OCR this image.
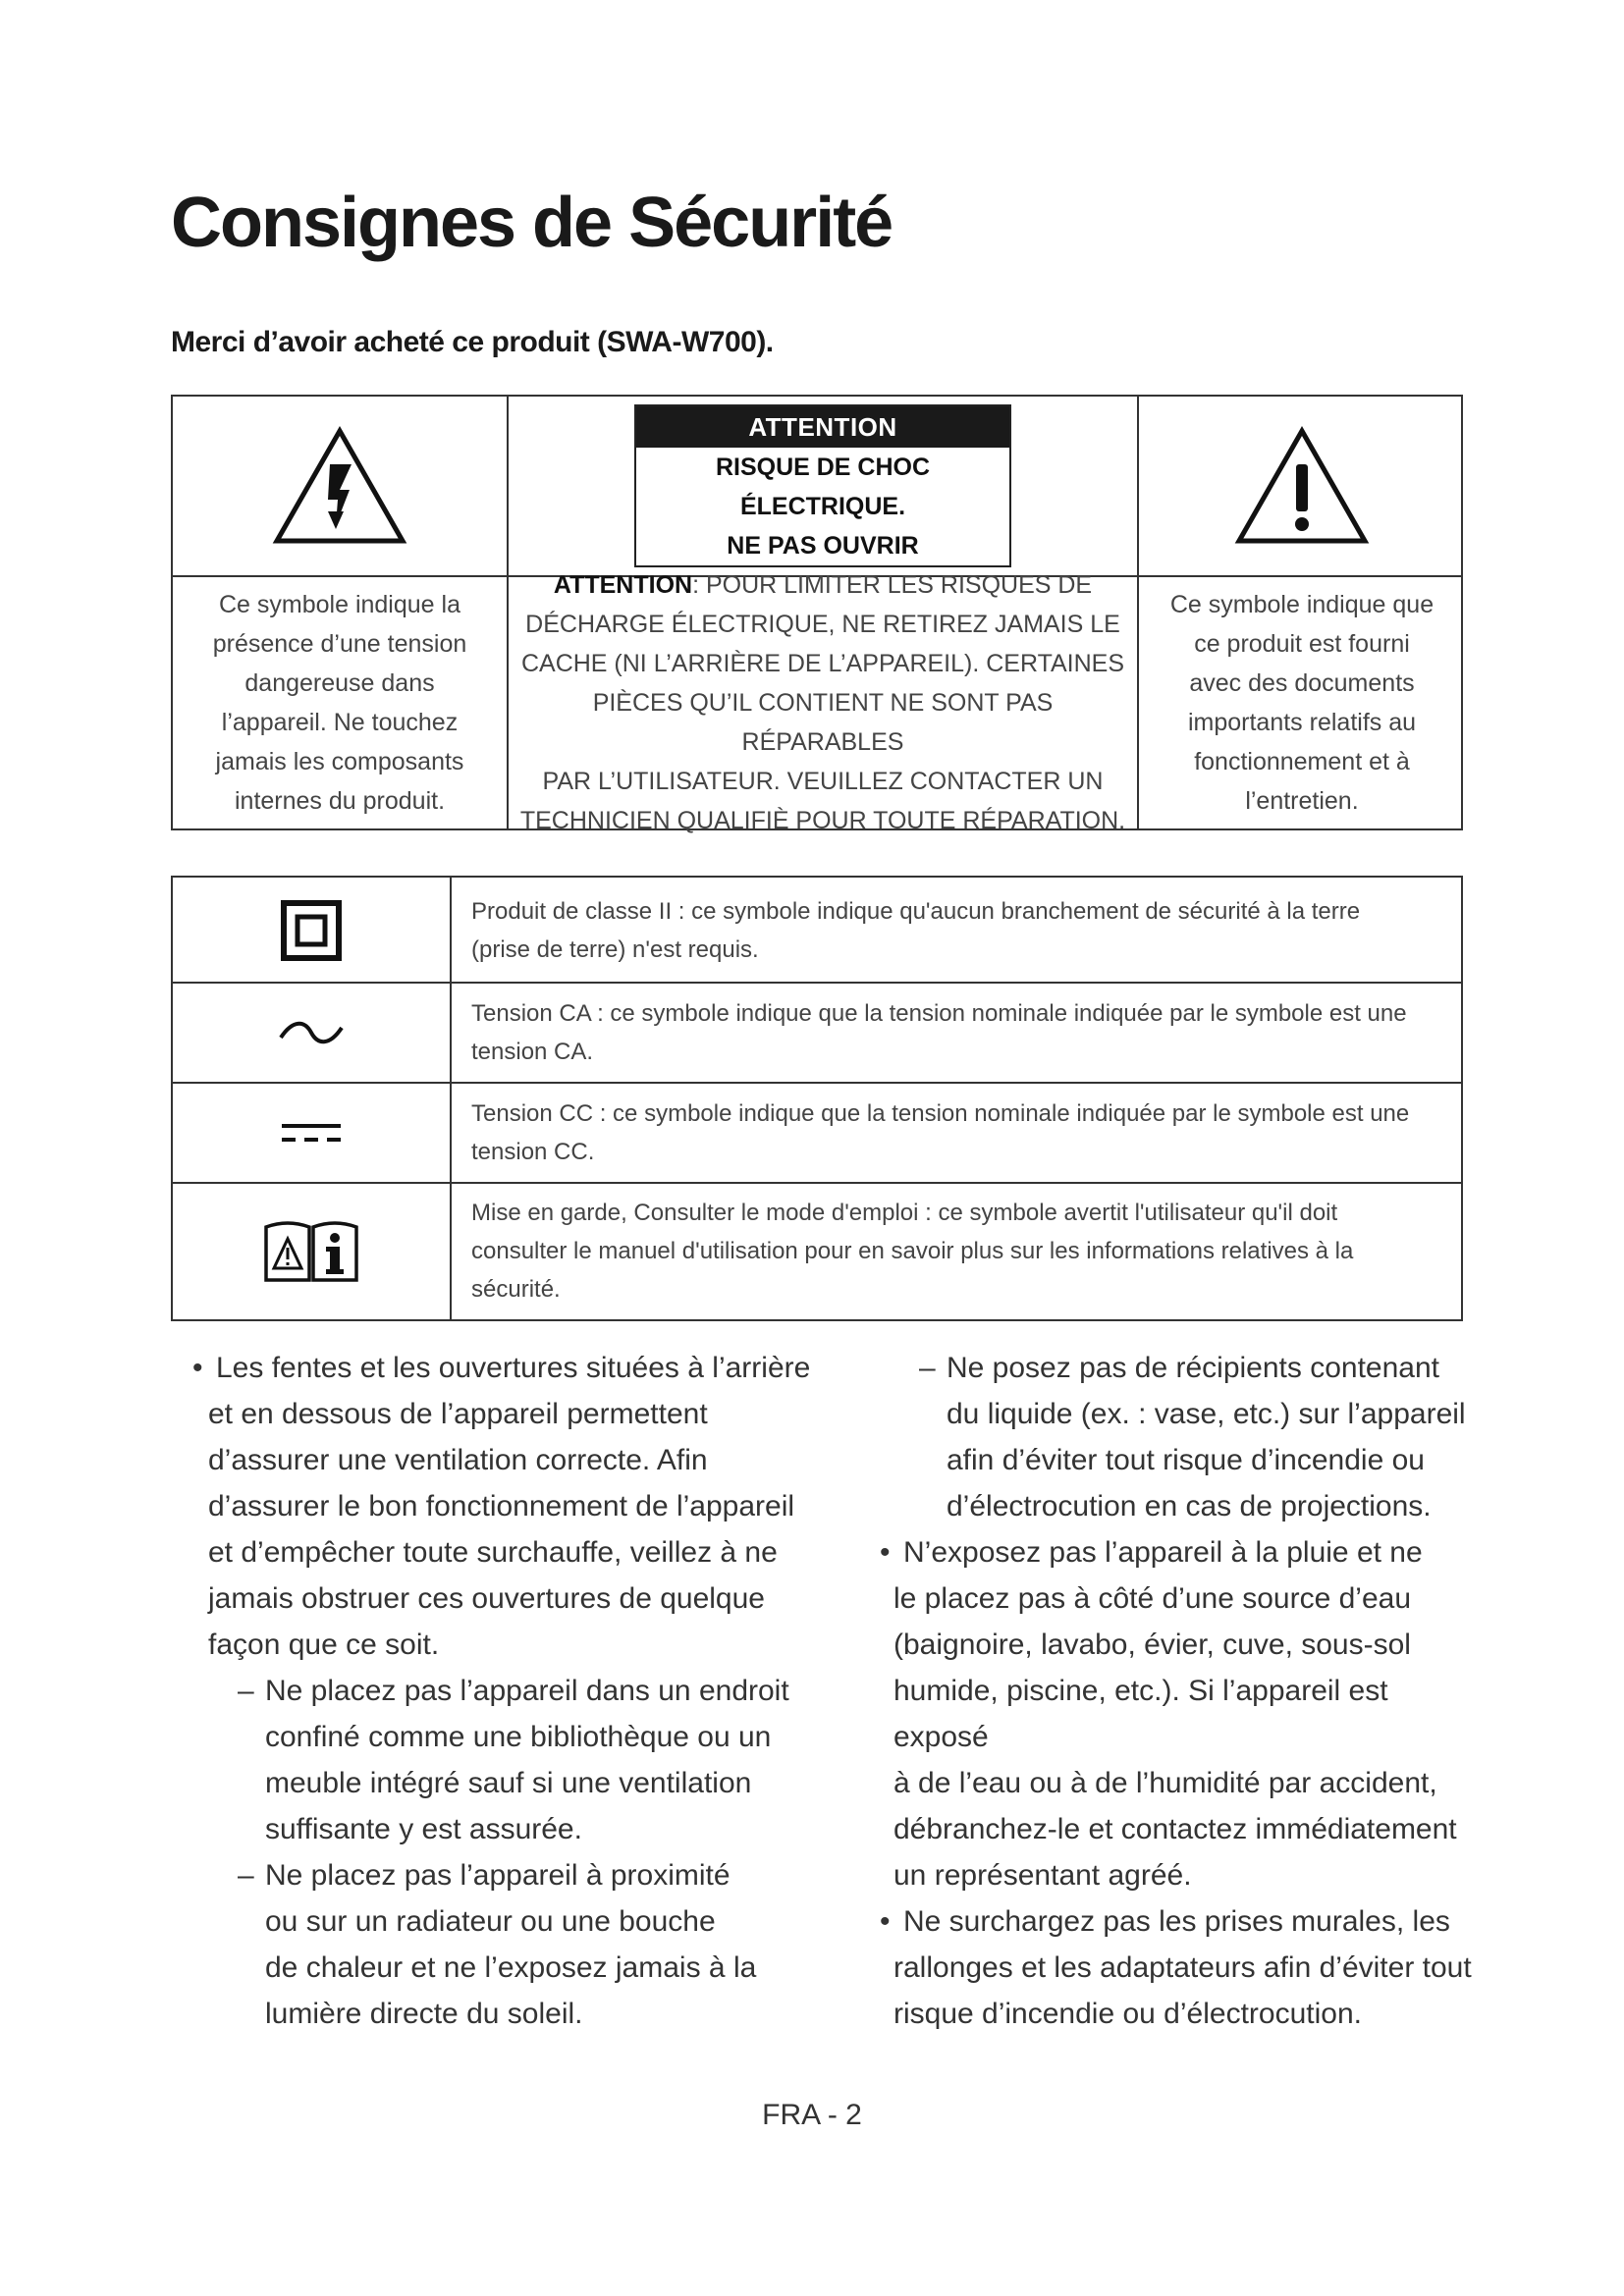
Consignes de Sécurité

Merci d’avoir acheté ce produit (SWA-W700).

ATTENTION
RISQUE DE CHOC ÉLECTRIQUE.
NE PAS OUVRIR
Ce symbole indique la
présence d’une tension
dangereuse dans
l’appareil. Ne touchez
jamais les composants
internes du produit.
ATTENTION: POUR LIMITER LES RISQUES DE
DÉCHARGE ÉLECTRIQUE, NE RETIREZ JAMAIS LE
CACHE (NI L’ARRIÈRE DE L’APPAREIL). CERTAINES
PIÈCES QU’IL CONTIENT NE SONT PAS RÉPARABLES
PAR L’UTILISATEUR. VEUILLEZ CONTACTER UN
TECHNICIEN QUALIFIÈ POUR TOUTE RÉPARATION.
Ce symbole indique que
ce produit est fourni
avec des documents
importants relatifs au
fonctionnement et à
l’entretien.
Produit de classe II : ce symbole indique qu'aucun branchement de sécurité à la terre (prise de terre) n'est requis.
Tension CA : ce symbole indique que la tension nominale indiquée par le symbole est une tension CA.
Tension CC : ce symbole indique que la tension nominale indiquée par le symbole est une tension CC.
Mise en garde, Consulter le mode d'emploi : ce symbole avertit l'utilisateur qu'il doit consulter le manuel d'utilisation pour en savoir plus sur les informations relatives à la sécurité.
• Les fentes et les ouvertures situées à l’arrière

et en dessous de l’appareil permettent

d’assurer une ventilation correcte. Afin

d’assurer le bon fonctionnement de l’appareil

et d’empêcher toute surchauffe, veillez à ne

jamais obstruer ces ouvertures de quelque

façon que ce soit.

– Ne placez pas l’appareil dans un endroit

confiné comme une bibliothèque ou un

meuble intégré sauf si une ventilation

suffisante y est assurée.

– Ne placez pas l’appareil à proximité

ou sur un radiateur ou une bouche

de chaleur et ne l’exposez jamais à la

lumière directe du soleil.

– Ne posez pas de récipients contenant

du liquide (ex. : vase, etc.) sur l’appareil

afin d’éviter tout risque d’incendie ou

d’électrocution en cas de projections.

• N’exposez pas l’appareil à la pluie et ne

le placez pas à côté d’une source d’eau

(baignoire, lavabo, évier, cuve, sous-sol

humide, piscine, etc.). Si l’appareil est exposé

à de l’eau ou à de l’humidité par accident,

débranchez-le et contactez immédiatement

un représentant agréé.

• Ne surchargez pas les prises murales, les

rallonges et les adaptateurs afin d’éviter tout

risque d’incendie ou d’électrocution.

FRA - 2
